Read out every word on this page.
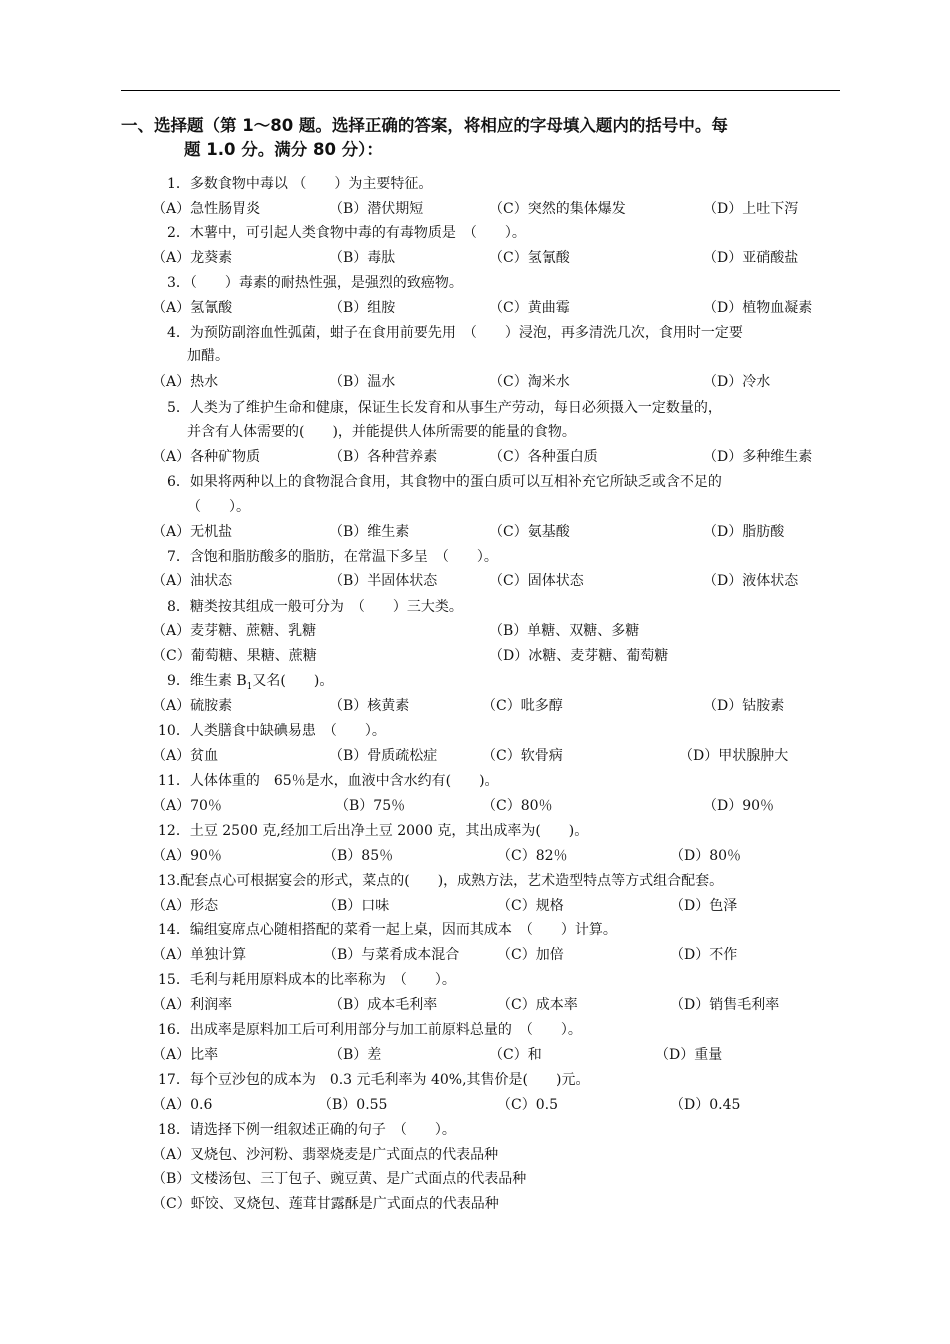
一、选择题（第 1～80 题。选择正确的答案，将相应的字母填入题内的括号中。每
题 1.0 分。满分 80 分）：
1．多数食物中毒以 （　　）为主要特征。
（A）急性肠胃炎	（B）潜伏期短	（C）突然的集体爆发	（D）上吐下泻
2．木薯中，可引起人类食物中毒的有毒物质是　（　　）。
（A）龙葵素	（B）毒肽	（C）氢氰酸	（D）亚硝酸盐
3．（　　）毒素的耐热性强，是强烈的致癌物。
（A）氢氰酸	（B）组胺	（C）黄曲霉	（D）植物血凝素
4．为预防副溶血性弧菌，蚶子在食用前要先用　（　　）浸泡，再多清洗几次，食用时一定要
加醋。
（A）热水	（B）温水	（C）淘米水	（D）冷水
5．人类为了维护生命和健康，保证生长发育和从事生产劳动，每日必须摄入一定数量的，
并含有人体需要的(　　)，并能提供人体所需要的能量的食物。
（A）各种矿物质	（B）各种营养素	（C）各种蛋白质	（D）多种维生素
6．如果将两种以上的食物混合食用，其食物中的蛋白质可以互相补充它所缺乏或含不足的
（　　）。
（A）无机盐	（B）维生素	（C）氨基酸	（D）脂肪酸
7．含饱和脂肪酸多的脂肪，在常温下多呈　（　　）。
（A）油状态	（B）半固体状态	（C）固体状态	（D）液体状态
8．糖类按其组成一般可分为　（　　）三大类。
（A）麦芽糖、蔗糖、乳糖	（B）单糖、双糖、多糖
（C）葡萄糖、果糖、蔗糖	（D）冰糖、麦芽糖、葡萄糖
9．维生素 $B_1$又名(　　)。
（A）硫胺素	（B）核黄素	（C）吡多醇	（D）钴胺素
10．人类膳食中缺碘易患　（　　）。
（A）贫血	（B）骨质疏松症	（C）软骨病	（D）甲状腺肿大
11．人体体重的　65％是水，血液中含水约有(　　)。
（A）70％	（B）75％	（C）80％	（D）90％
12．土豆 2500 克,经加工后出净土豆 2000 克，其出成率为(　　)。
（A）90％	（B）85％	（C）82％	（D）80％
13.配套点心可根据宴会的形式，菜点的(　　)，成熟方法，艺术造型特点等方式组合配套。
（A）形态	（B）口味	（C）规格	（D）色泽
14．编组宴席点心随相搭配的菜肴一起上桌，因而其成本　（　　）计算。
（A）单独计算	（B）与菜肴成本混合	（C）加倍	（D）不作
15．毛利与耗用原料成本的比率称为　（　　）。
（A）利润率	（B）成本毛利率	（C）成本率	（D）销售毛利率
16．出成率是原料加工后可利用部分与加工前原料总量的　（　　）。
（A）比率	（B）差	（C）和	（D）重量
17．每个豆沙包的成本为　0.3 元毛利率为 40%,其售价是(　　)元。
（A）0.6	（B）0.55	（C）0.5	（D）0.45
18．请选择下例一组叙述正确的句子　（　　）。
（A）叉烧包、沙河粉、翡翠烧麦是广式面点的代表品种
（B）文楼汤包、三丁包子、豌豆黄、是广式面点的代表品种
（C）虾饺、叉烧包、莲茸甘露酥是广式面点的代表品种
